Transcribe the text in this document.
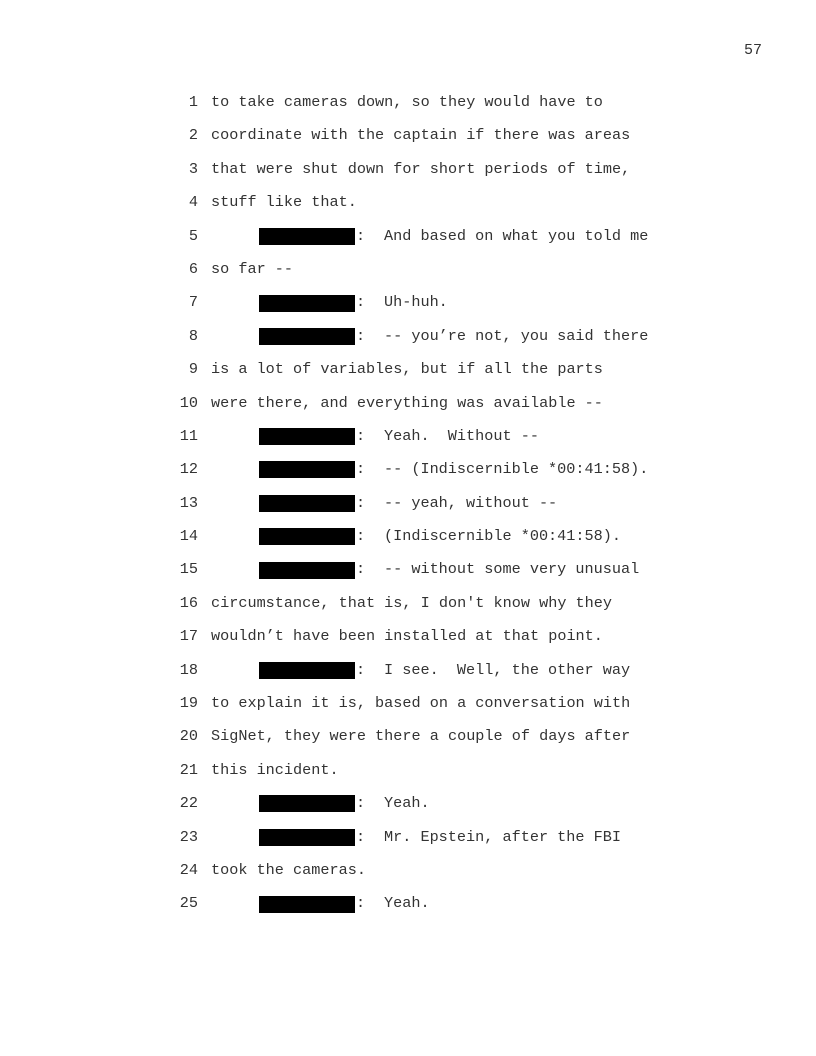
57
1 to take cameras down, so they would have to
2 coordinate with the captain if there was areas
3 that were shut down for short periods of time,
4 stuff like that.
5	: And based on what you told me
6 so far --
7	: Uh-huh.
8	: -- you’re not, you said there
9 is a lot of variables, but if all the parts
10 were there, and everything was available --
11	: Yeah.  Without --
12	: -- (Indiscernible *00:41:58).
13	: -- yeah, without --
14	: (Indiscernible *00:41:58).
15	: -- without some very unusual
16 circumstance, that is, I don't know why they
17 wouldn’t have been installed at that point.
18	: I see.  Well, the other way
19 to explain it is, based on a conversation with
20 SigNet, they were there a couple of days after
21 this incident.
22	: Yeah.
23	: Mr. Epstein, after the FBI
24 took the cameras.
25	: Yeah.
